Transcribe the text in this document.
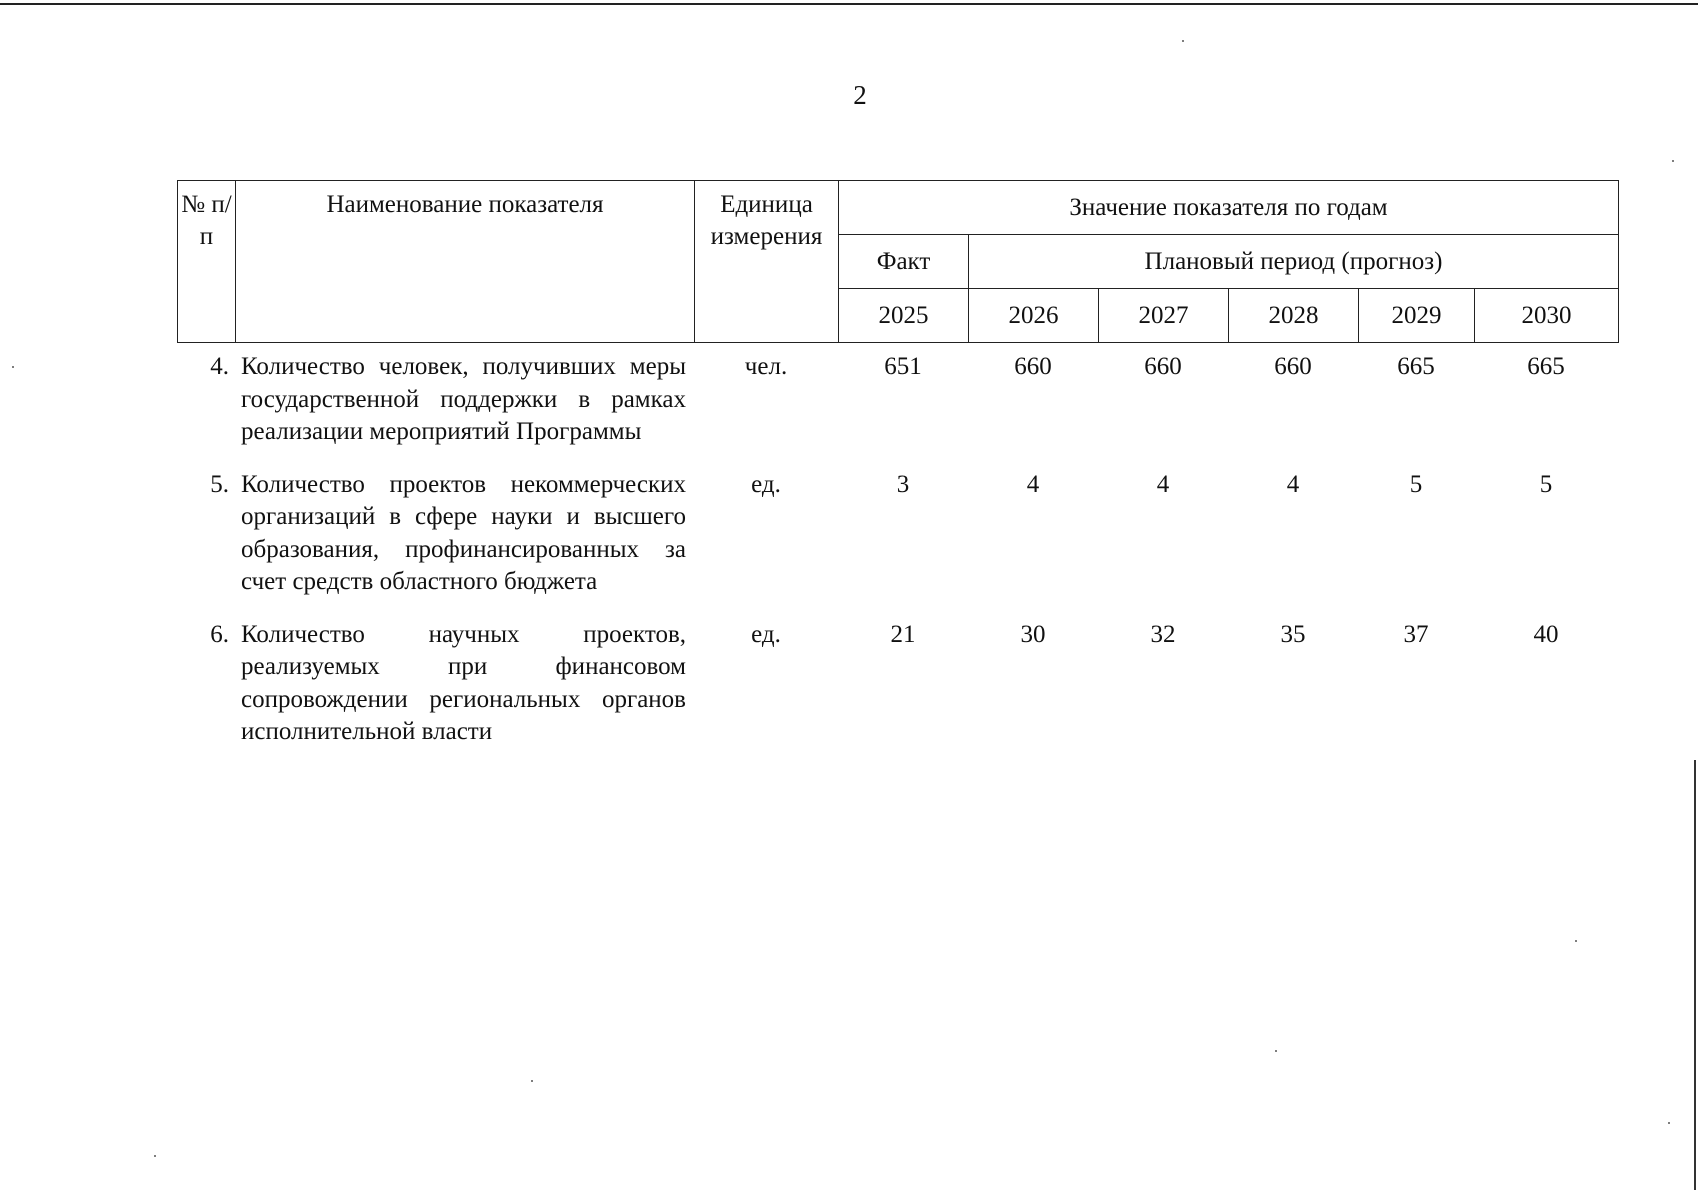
2
№ п/п	Наименование показателя	Единица измерения	Значение показателя по годам					
			Факт	Плановый период (прогноз)				
			2025	2026	2027	2028	2029	2030
4.	Количество человек, получивших меры государственной поддержки в рамках реализации мероприятий Программы	чел.	651	660	660	660	665	665
5.	Количество проектов некоммерческих организаций в сфере науки и высшего образования, профинансированных за счет средств областного бюджета	ед.	3	4	4	4	5	5
6.	Количество научных проектов, реализуемых при финансовом сопровождении региональных органов исполнительной власти	ед.	21	30	32	35	37	40
